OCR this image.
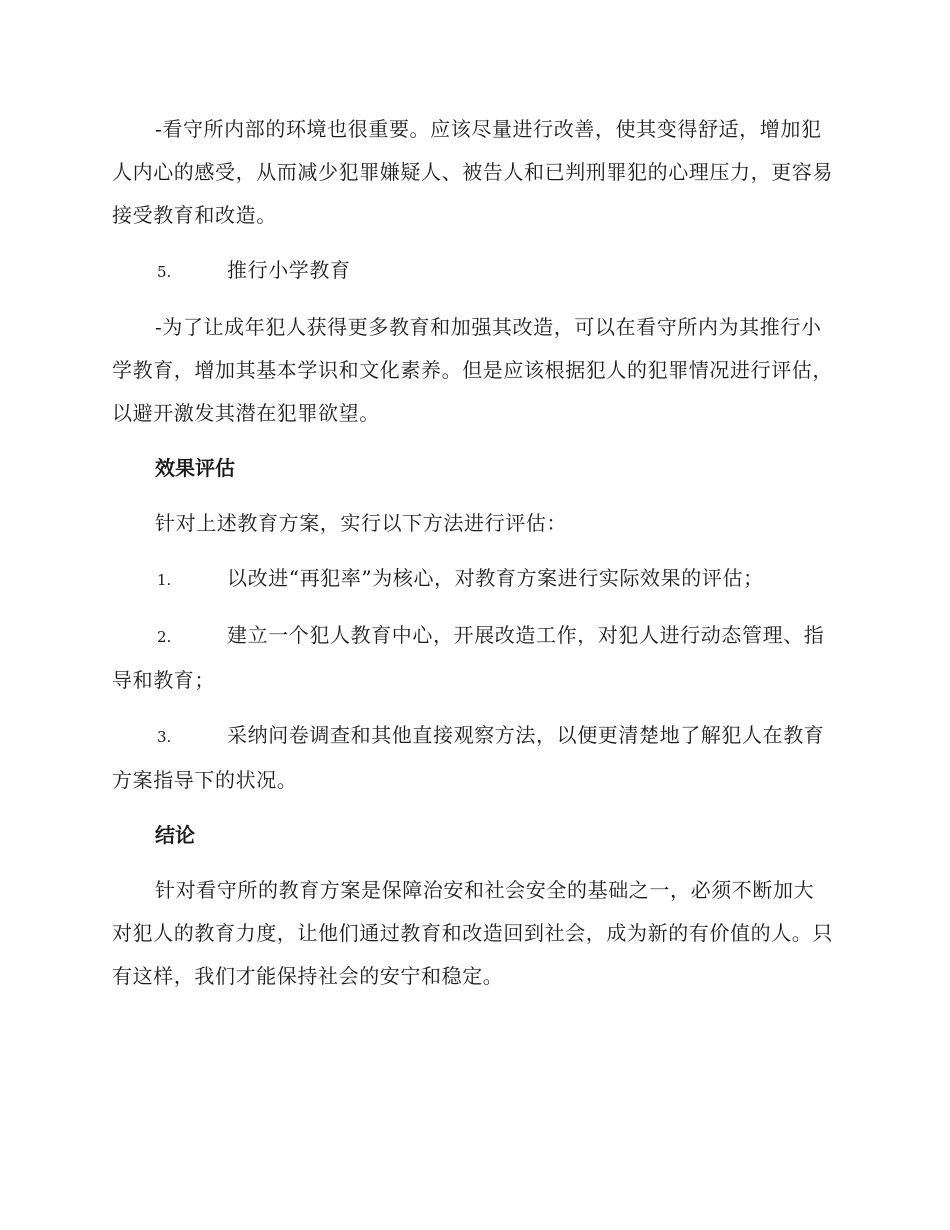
-看守所内部的环境也很重要。应该尽量进行改善，使其变得舒适，增加犯人内心的感受，从而减少犯罪嫌疑人、被告人和已判刑罪犯的心理压力，更容易接受教育和改造。

5.	推行小学教育

-为了让成年犯人获得更多教育和加强其改造，可以在看守所内为其推行小学教育，增加其基本学识和文化素养。但是应该根据犯人的犯罪情况进行评估，以避开激发其潜在犯罪欲望。

效果评估

针对上述教育方案，实行以下方法进行评估：

1.	以改进“再犯率”为核心，对教育方案进行实际效果的评估；

2.	建立一个犯人教育中心，开展改造工作，对犯人进行动态管理、指导和教育；

3.	采纳问卷调查和其他直接观察方法，以便更清楚地了解犯人在教育方案指导下的状况。

结论

针对看守所的教育方案是保障治安和社会安全的基础之一，必须不断加大对犯人的教育力度，让他们通过教育和改造回到社会，成为新的有价值的人。只有这样，我们才能保持社会的安宁和稳定。
